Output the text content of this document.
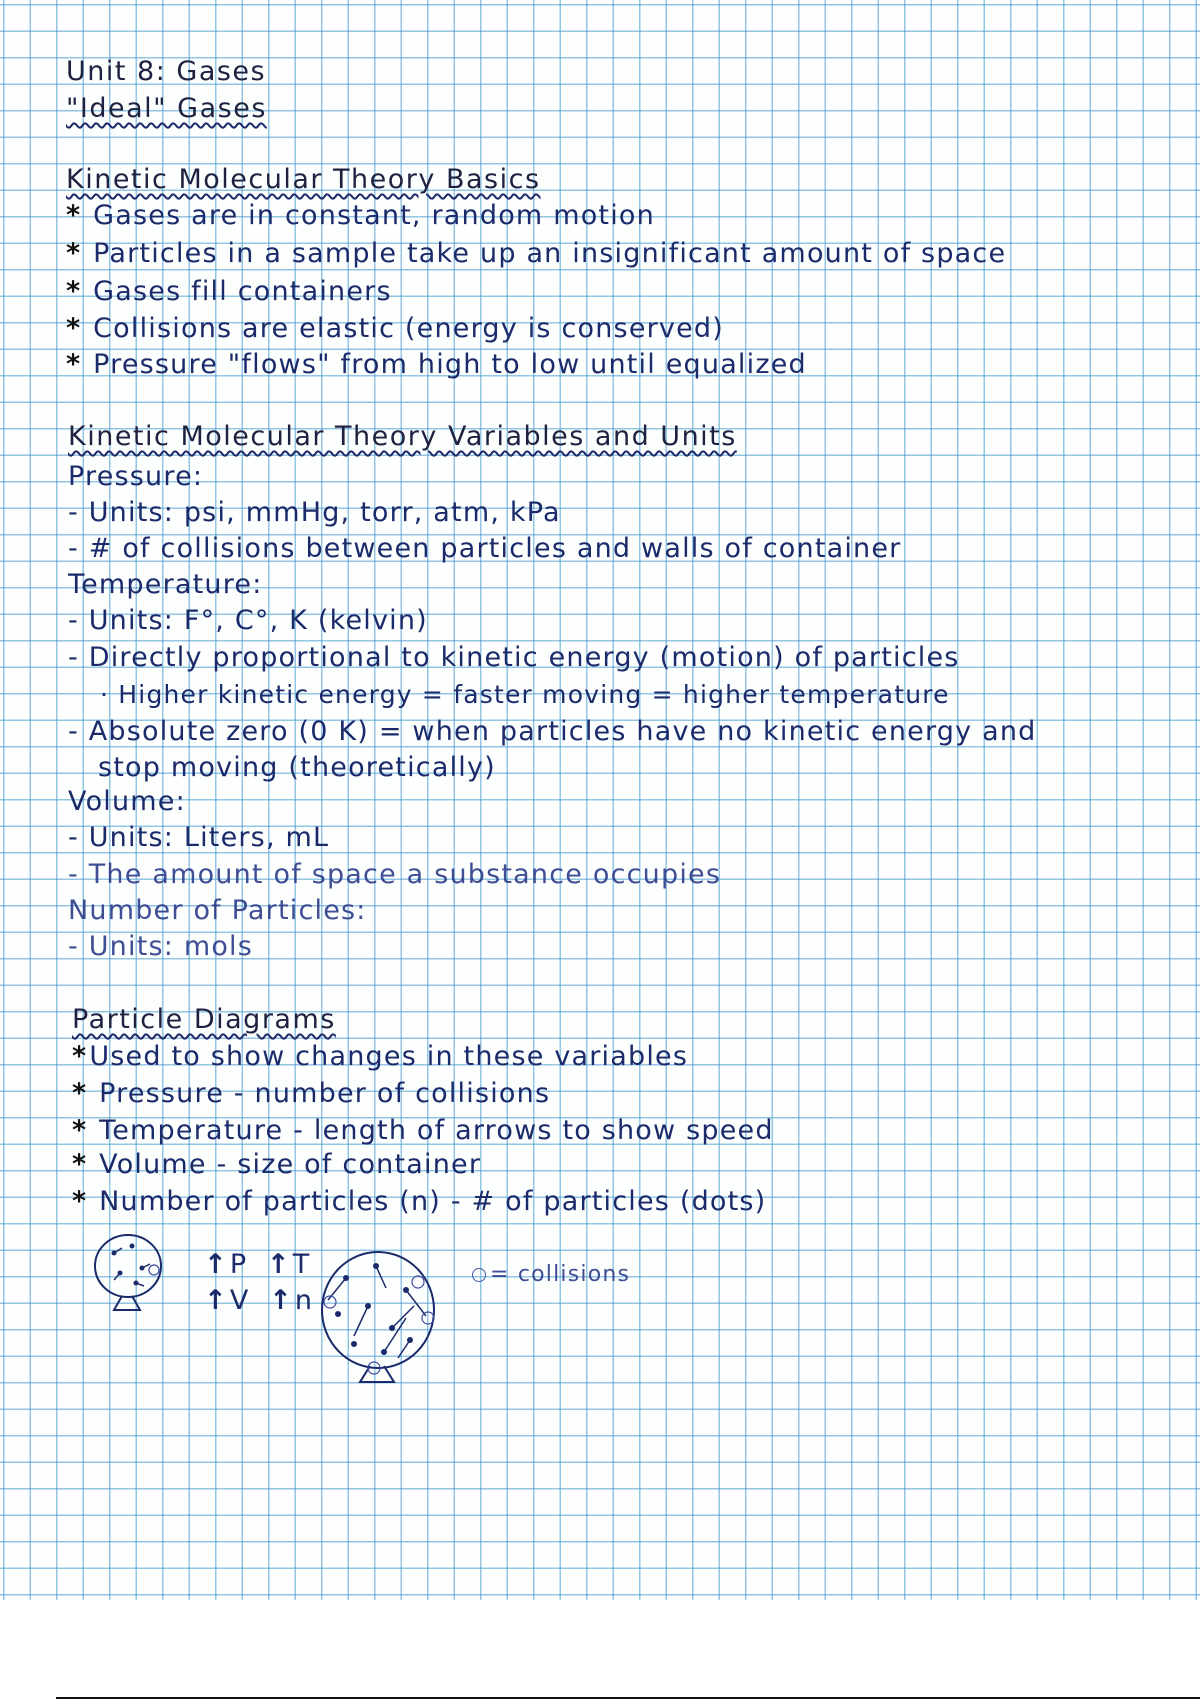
Unit 8: Gases
"Ideal" Gases
Kinetic Molecular Theory Basics
* Gases are in constant, random motion
* Particles in a sample take up an insignificant amount of space
* Gases fill containers
* Collisions are elastic (energy is conserved)
* Pressure "flows" from high to low until equalized
Kinetic Molecular Theory Variables and Units
Pressure:
- Units: psi, mmHg, torr, atm, kPa
- # of collisions between particles and walls of container
Temperature:
- Units: F°, C°, K (kelvin)
- Directly proportional to kinetic energy (motion) of particles
· Higher kinetic energy = faster moving = higher temperature
- Absolute zero (0 K) = when particles have no kinetic energy and
stop moving (theoretically)
Volume:
- Units: Liters, mL
- The amount of space a substance occupies
Number of Particles:
- Units: mols
Particle Diagrams
*Used to show changes in these variables
* Pressure - number of collisions
* Temperature - length of arrows to show speed
* Volume - size of container
* Number of particles (n) - # of particles (dots)
↑P ↑T
↑V ↑n
= collisions
